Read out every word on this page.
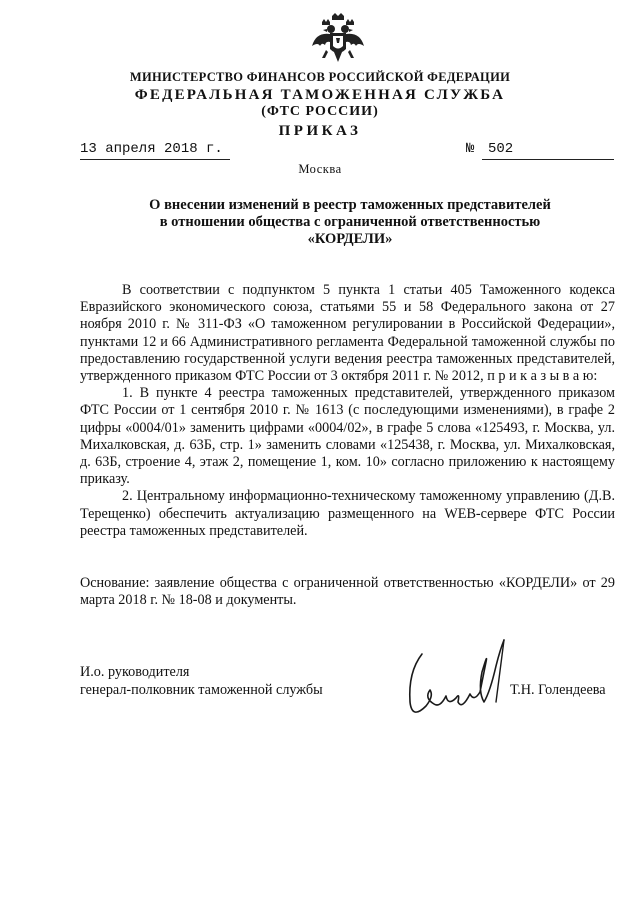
МИНИСТЕРСТВО ФИНАНСОВ РОССИЙСКОЙ ФЕДЕРАЦИИ
ФЕДЕРАЛЬНАЯ ТАМОЖЕННАЯ СЛУЖБА
(ФТС РОССИИ)
ПРИКАЗ
13 апреля 2018 г.	№ 502
Москва
О внесении изменений в реестр таможенных представителей
в отношении общества с ограниченной ответственностью
«КОРДЕЛИ»

В соответствии с подпунктом 5 пункта 1 статьи 405 Таможенного кодекса Евразийского экономического союза, статьями 55 и 58 Федерального закона от 27 ноября 2010 г. № 311-ФЗ «О таможенном регулировании в Российской Федерации», пунктами 12 и 66 Административного регламента Федеральной таможенной службы по предоставлению государственной услуги ведения реестра таможенных представителей, утвержденного приказом ФТС России от 3 октября 2011 г. № 2012, п р и к а з ы в а ю:

1. В пункте 4 реестра таможенных представителей, утвержденного приказом ФТС России от 1 сентября 2010 г. № 1613 (с последующими изменениями), в графе 2 цифры «0004/01» заменить цифрами «0004/02», в графе 5 слова «125493, г. Москва, ул. Михалковская, д. 63Б, стр. 1» заменить словами «125438, г. Москва, ул. Михалковская, д. 63Б, строение 4, этаж 2, помещение 1, ком. 10» согласно приложению к настоящему приказу.

2. Центральному информационно-техническому таможенному управлению (Д.В. Терещенко) обеспечить актуализацию размещенного на WEB-сервере ФТС России реестра таможенных представителей.

Основание: заявление общества с ограниченной ответственностью «КОРДЕЛИ» от 29 марта 2018 г. № 18-08 и документы.
И.о. руководителя
генерал-полковник таможенной службы	Т.Н. Голендеева
